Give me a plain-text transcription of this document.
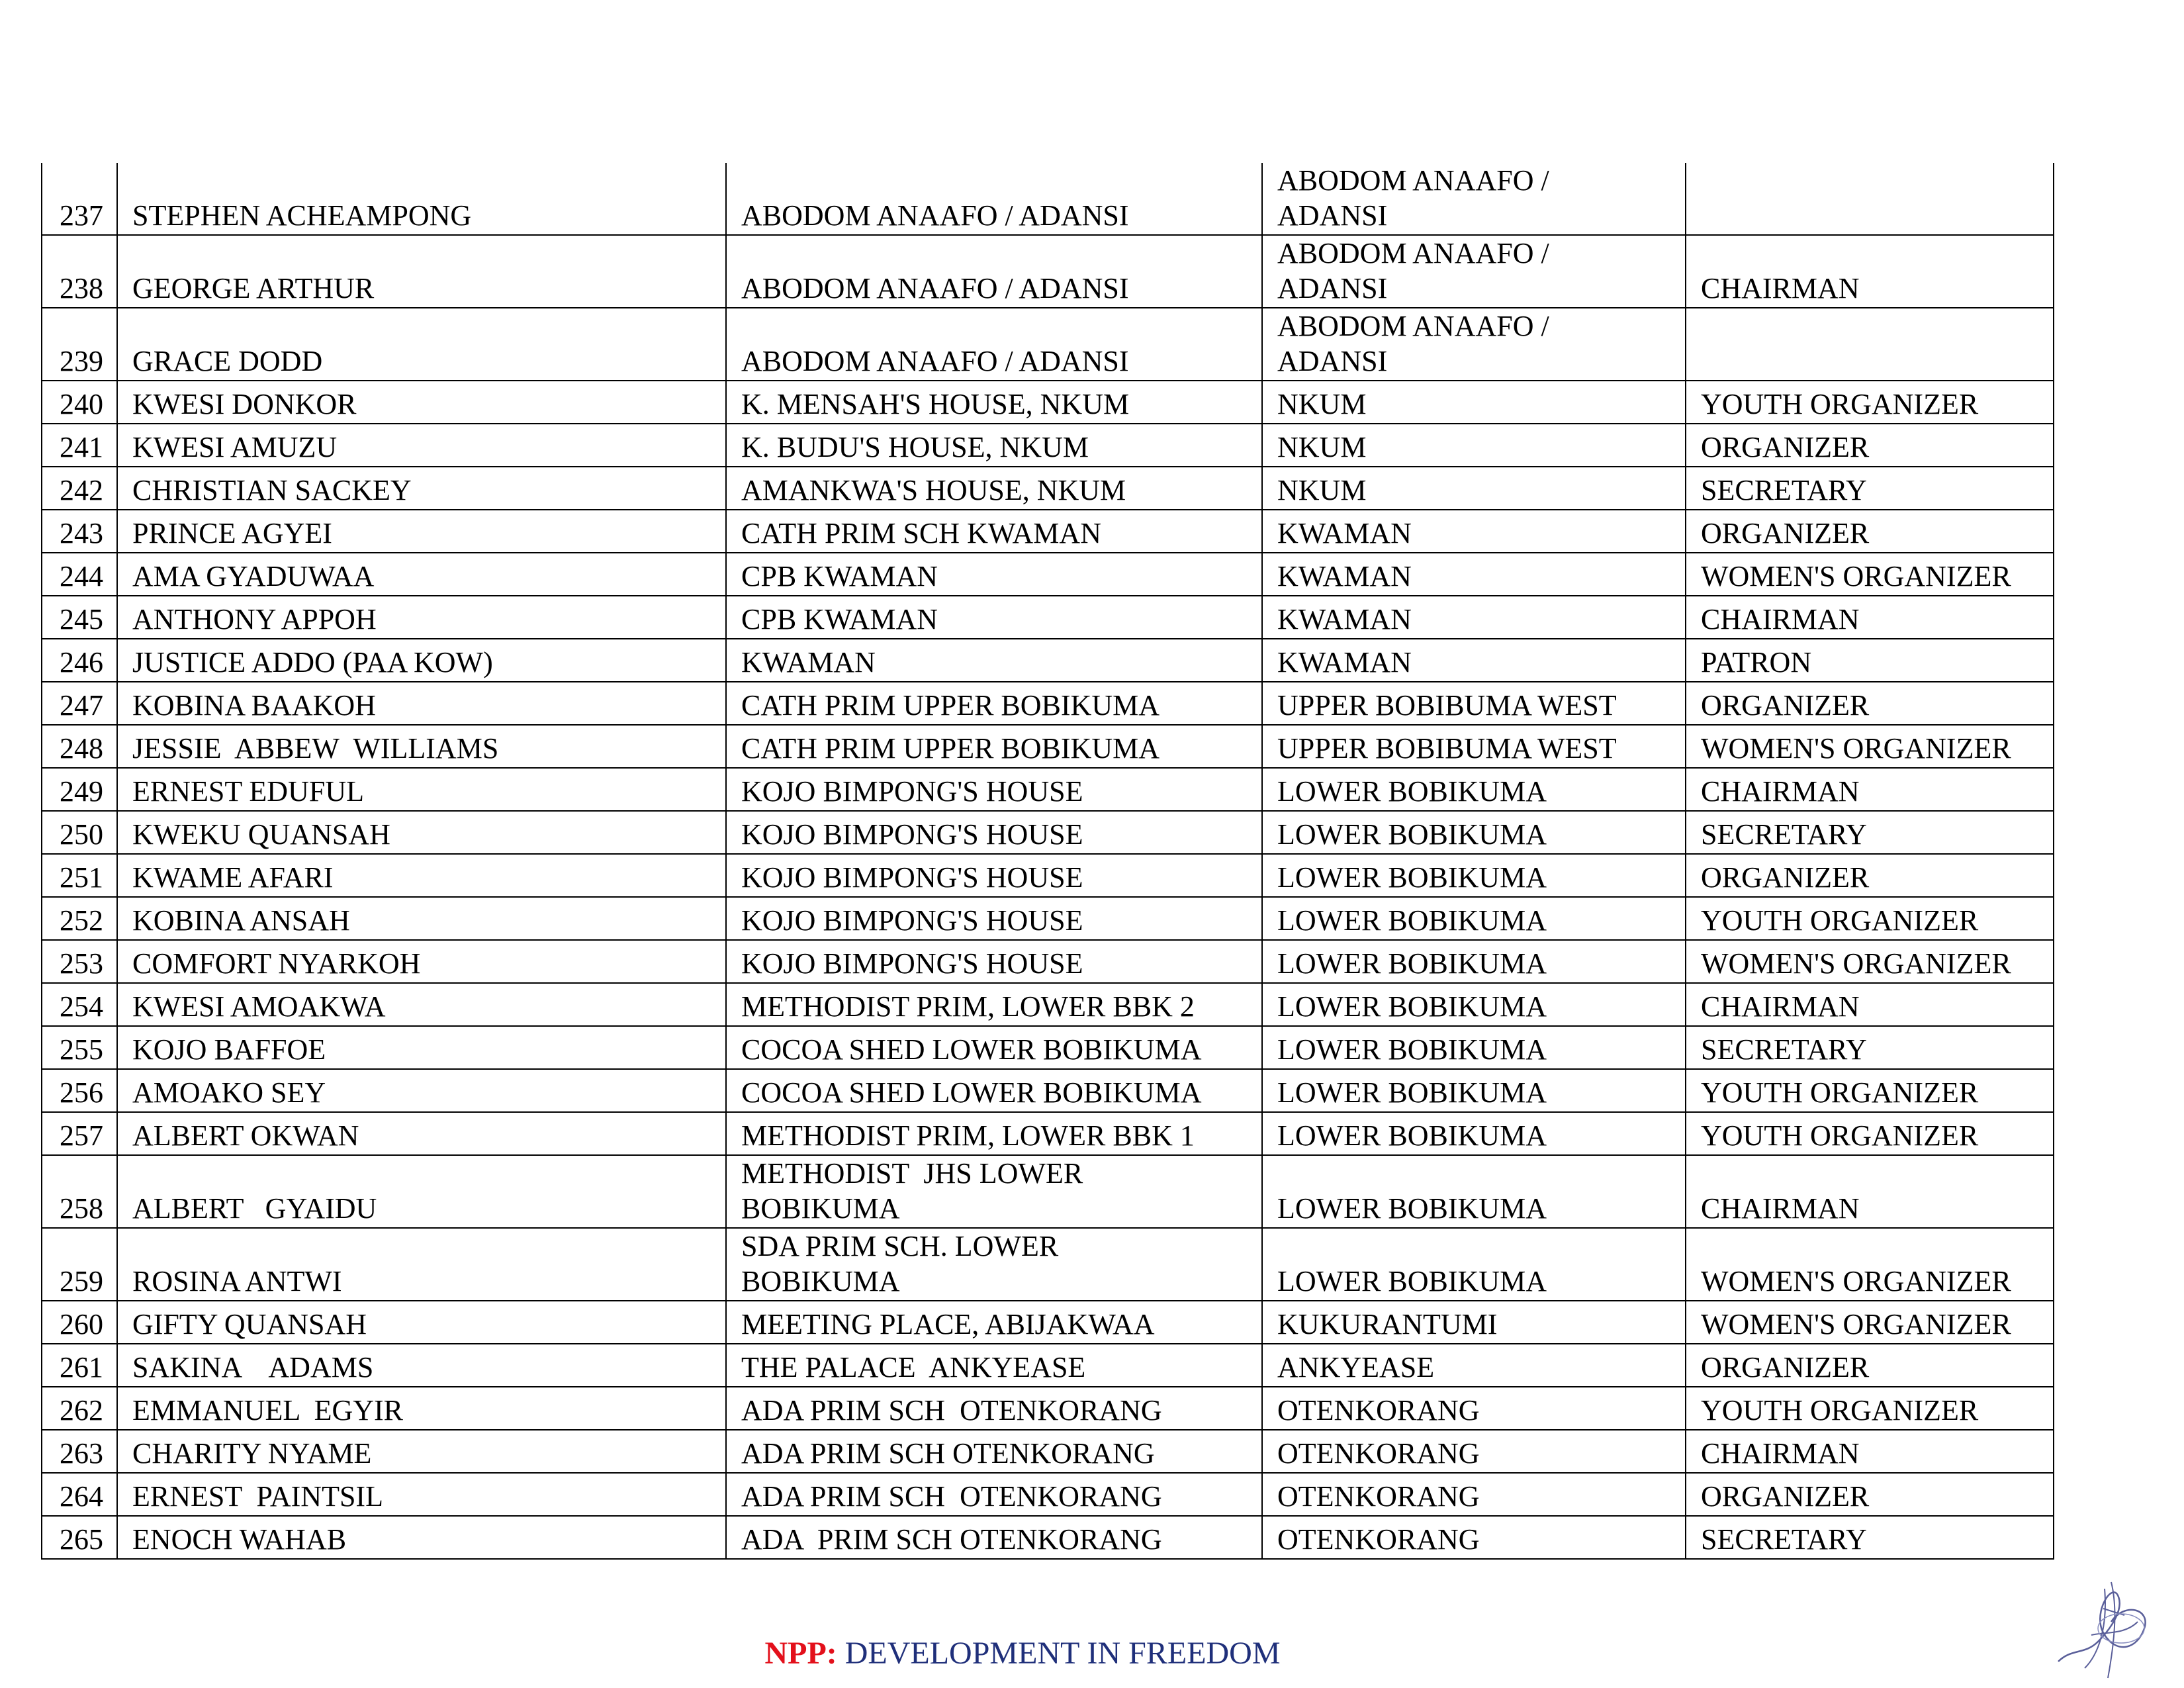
237	STEPHEN ACHEAMPONG	ABODOM ANAAFO / ADANSI	ABODOM ANAAFO /
ADANSI	
238	GEORGE ARTHUR	ABODOM ANAAFO / ADANSI	ABODOM ANAAFO /
ADANSI	CHAIRMAN
239	GRACE DODD	ABODOM ANAAFO / ADANSI	ABODOM ANAAFO /
ADANSI	
240	KWESI DONKOR	K. MENSAH'S HOUSE, NKUM	NKUM	YOUTH ORGANIZER
241	KWESI AMUZU	K. BUDU'S HOUSE, NKUM	NKUM	ORGANIZER
242	CHRISTIAN SACKEY	AMANKWA'S HOUSE, NKUM	NKUM	SECRETARY
243	PRINCE AGYEI	CATH PRIM SCH KWAMAN	KWAMAN	ORGANIZER
244	AMA GYADUWAA	CPB KWAMAN	KWAMAN	WOMEN'S ORGANIZER
245	ANTHONY APPOH	CPB KWAMAN	KWAMAN	CHAIRMAN
246	JUSTICE ADDO (PAA KOW)	KWAMAN	KWAMAN	PATRON
247	KOBINA BAAKOH	CATH PRIM UPPER BOBIKUMA	UPPER BOBIBUMA WEST	ORGANIZER
248	JESSIE  ABBEW  WILLIAMS	CATH PRIM UPPER BOBIKUMA	UPPER BOBIBUMA WEST	WOMEN'S ORGANIZER
249	ERNEST EDUFUL	KOJO BIMPONG'S HOUSE	LOWER BOBIKUMA	CHAIRMAN
250	KWEKU QUANSAH	KOJO BIMPONG'S HOUSE	LOWER BOBIKUMA	SECRETARY
251	KWAME AFARI	KOJO BIMPONG'S HOUSE	LOWER BOBIKUMA	ORGANIZER
252	KOBINA ANSAH	KOJO BIMPONG'S HOUSE	LOWER BOBIKUMA	YOUTH ORGANIZER
253	COMFORT NYARKOH	KOJO BIMPONG'S HOUSE	LOWER BOBIKUMA	WOMEN'S ORGANIZER
254	KWESI AMOAKWA	METHODIST PRIM, LOWER BBK 2	LOWER BOBIKUMA	CHAIRMAN
255	KOJO BAFFOE	COCOA SHED LOWER BOBIKUMA	LOWER BOBIKUMA	SECRETARY
256	AMOAKO SEY	COCOA SHED LOWER BOBIKUMA	LOWER BOBIKUMA	YOUTH ORGANIZER
257	ALBERT OKWAN	METHODIST PRIM, LOWER BBK 1	LOWER BOBIKUMA	YOUTH ORGANIZER
258	ALBERT   GYAIDU	METHODIST  JHS LOWER
BOBIKUMA	LOWER BOBIKUMA	CHAIRMAN
259	ROSINA ANTWI	SDA PRIM SCH. LOWER
BOBIKUMA	LOWER BOBIKUMA	WOMEN'S ORGANIZER
260	GIFTY QUANSAH	MEETING PLACE, ABIJAKWAA	KUKURANTUMI	WOMEN'S ORGANIZER
261	SAKINA    ADAMS	THE PALACE  ANKYEASE	ANKYEASE	ORGANIZER
262	EMMANUEL  EGYIR	ADA PRIM SCH  OTENKORANG	OTENKORANG	YOUTH ORGANIZER
263	CHARITY NYAME	ADA PRIM SCH OTENKORANG	OTENKORANG	CHAIRMAN
264	ERNEST  PAINTSIL	ADA PRIM SCH  OTENKORANG	OTENKORANG	ORGANIZER
265	ENOCH WAHAB	ADA  PRIM SCH OTENKORANG	OTENKORANG	SECRETARY
NPP: DEVELOPMENT IN FREEDOM
